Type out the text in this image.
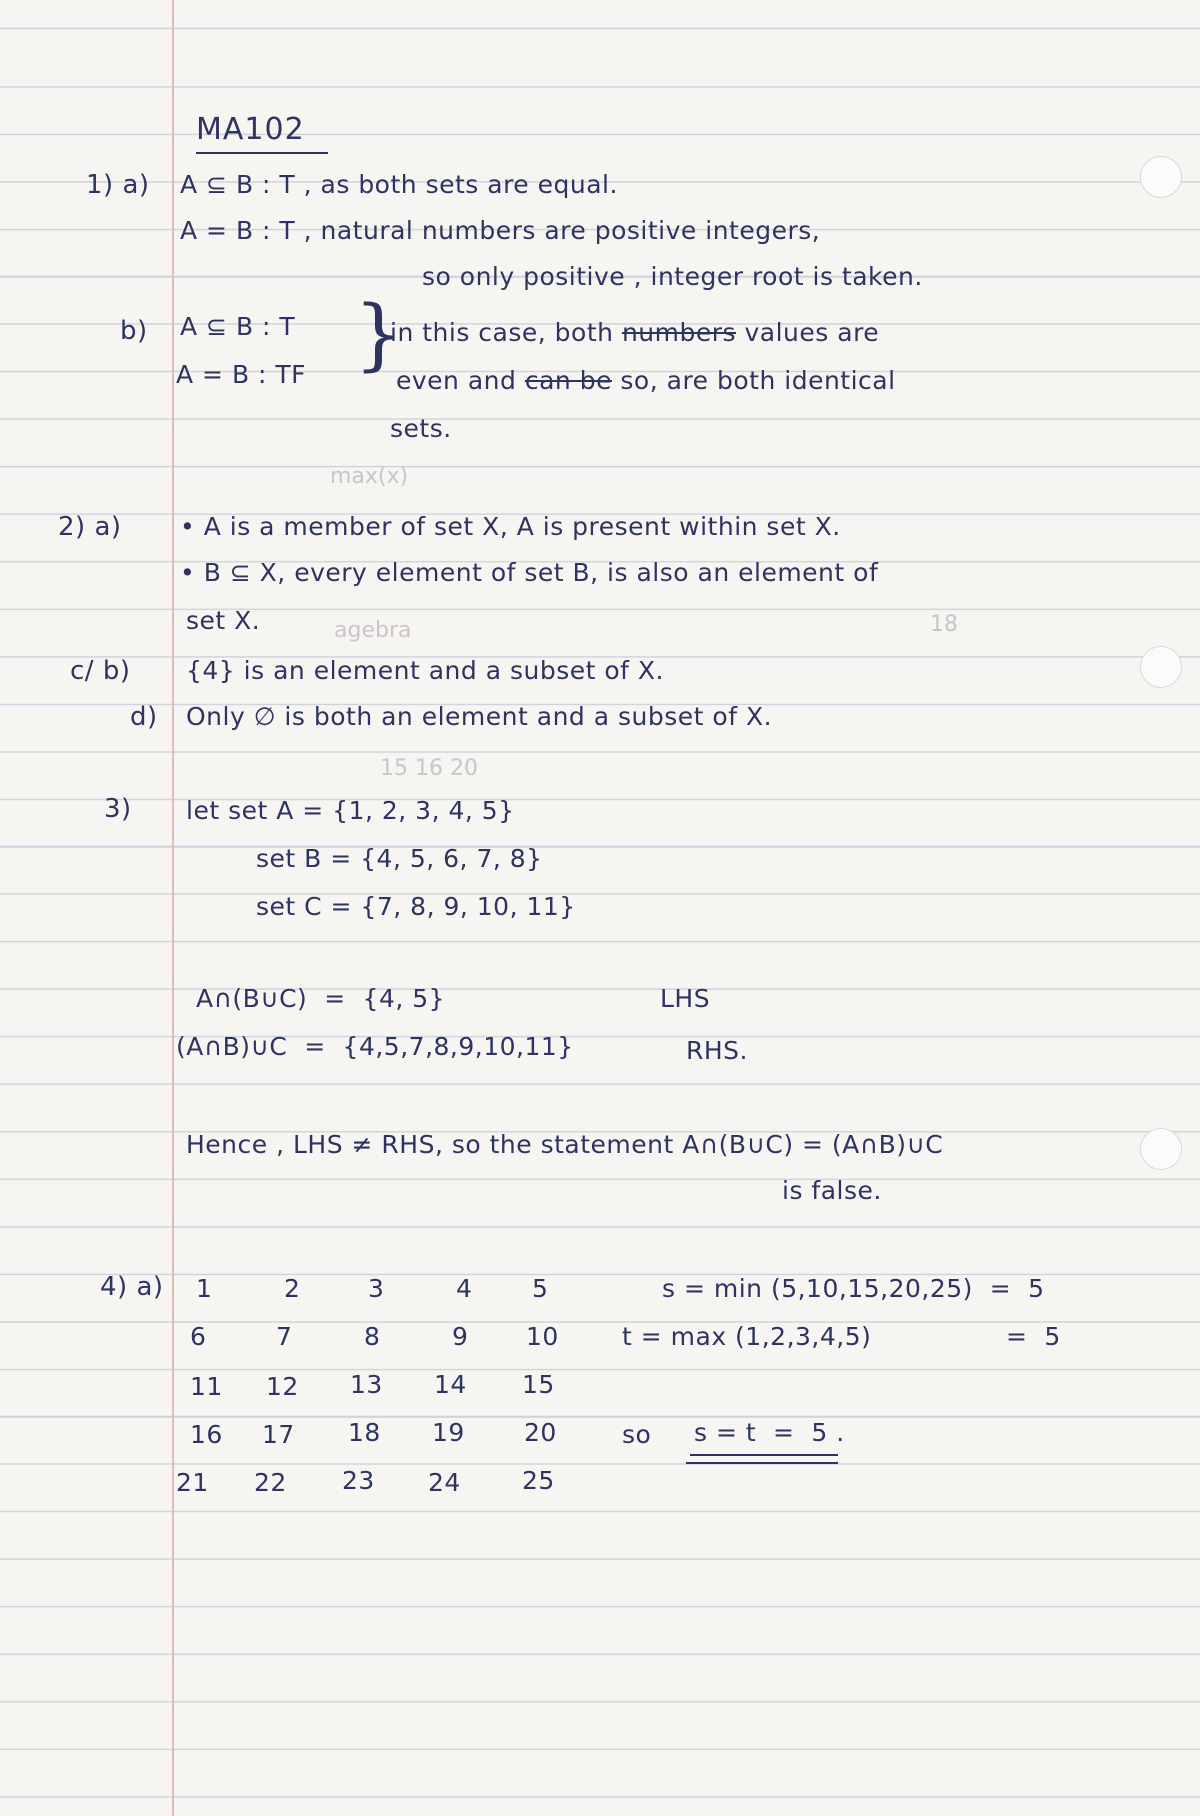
max(x)
agebra	18
15 16 20
MA102
1) a) A ⊆ B : T , as both sets are equal.
A = B : T , natural numbers are positive integers,
so only positive , integer root is taken.
b) A ⊆ B : T
A = B : TF }
in this case, both numbers values are
even and can be so, are both identical
sets.
2) a) • A is a member of set X, A is present within set X.
• B ⊆ X, every element of set B, is also an element of
set X.
c/ b) {4} is an element and a subset of X.
d) Only ∅ is both an element and a subset of X.
3) let set A = {1, 2, 3, 4, 5}
set B = {4, 5, 6, 7, 8}
set C = {7, 8, 9, 10, 11}
A∩(B∪C)  =  {4, 5}	LHS
(A∩B)∪C  =  {4,5,7,8,9,10,11}	RHS.
Hence , LHS ≠ RHS, so the statement A∩(B∪C) = (A∩B)∪C
is false.
4) a) 1	2	3	4 5
6	7	8	9 10
11 12 13 14 15
16 17 18 19 20
21 22 23 24 25
s = min (5,10,15,20,25)  =  5
t = max (1,2,3,4,5)	=  5
so s = t  =  5 .
